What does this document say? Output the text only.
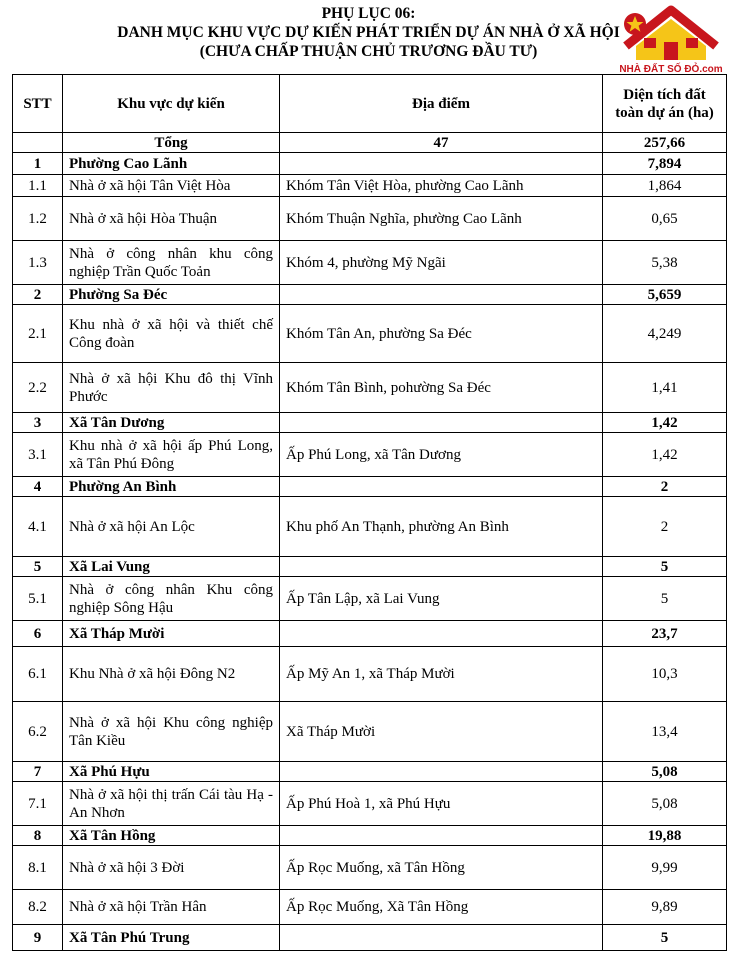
PHỤ LỤC 06:
DANH MỤC KHU VỰC DỰ KIẾN PHÁT TRIỂN DỰ ÁN NHÀ Ở XÃ HỘI
(CHƯA CHẤP THUẬN CHỦ TRƯƠNG ĐẦU TƯ)
NHÀ ĐẤT SỐ ĐỎ.com
STT	Khu vực dự kiến	Địa điểm	Diện tích đất toàn dự án (ha)
	Tổng	47	257,66
1	Phường Cao Lãnh		7,894
1.1	Nhà ở xã hội Tân Việt Hòa	Khóm Tân Việt Hòa, phường Cao Lãnh	1,864
1.2	Nhà ở xã hội Hòa Thuận	Khóm Thuận Nghĩa, phường Cao Lãnh	0,65
1.3	Nhà ở công nhân khu công nghiệp Trần Quốc Toản	Khóm 4, phường Mỹ Ngãi	5,38
2	Phường Sa Đéc		5,659
2.1	Khu nhà ở xã hội và thiết chế Công đoàn	Khóm Tân An, phường Sa Đéc	4,249
2.2	Nhà ở xã hội Khu đô thị Vĩnh Phước	Khóm Tân Bình, pohường Sa Đéc	1,41
3	Xã Tân Dương		1,42
3.1	Khu nhà ở xã hội ấp Phú Long, xã Tân Phú Đông	Ấp Phú Long, xã Tân Dương	1,42
4	Phường An Bình		2
4.1	Nhà ở xã hội An Lộc	Khu phố An Thạnh, phường An Bình	2
5	Xã Lai Vung		5
5.1	Nhà ở công nhân Khu công nghiệp Sông Hậu	Ấp Tân Lập, xã Lai Vung	5
6	Xã Tháp Mười		23,7
6.1	Khu Nhà ở xã hội Đông N2	Ấp Mỹ An 1, xã Tháp Mười	10,3
6.2	Nhà ở xã hội Khu công nghiệp Tân Kiều	Xã Tháp Mười	13,4
7	Xã Phú Hựu		5,08
7.1	Nhà ở xã hội thị trấn Cái tàu Hạ - An Nhơn	Ấp Phú Hoà 1, xã Phú Hựu	5,08
8	Xã Tân Hồng		19,88
8.1	Nhà ở xã hội 3 Đời	Ấp Rọc Muống, xã Tân Hồng	9,99
8.2	Nhà ở xã hội Trần Hân	Ấp Rọc Muống, Xã Tân Hồng	9,89
9	Xã Tân Phú Trung		5
